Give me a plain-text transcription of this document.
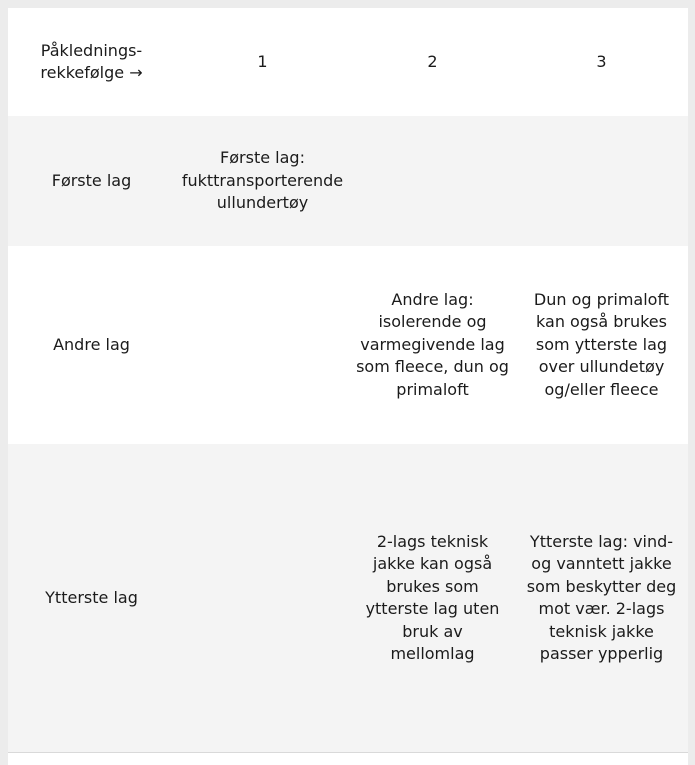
Påklednings-
rekkefølge →	1	2	3
Første lag	Første lag: fukttransporterende ullundertøy		
Andre lag		Andre lag: isolerende og varmegivende lag som fleece, dun og primaloft	Dun og primaloft kan også brukes som ytterste lag over ullundetøy og/eller fleece
Ytterste lag		2-lags teknisk jakke kan også brukes som ytterste lag uten bruk av mellomlag	Ytterste lag: vind- og vanntett jakke som beskytter deg mot vær. 2-lags teknisk jakke passer ypperlig
